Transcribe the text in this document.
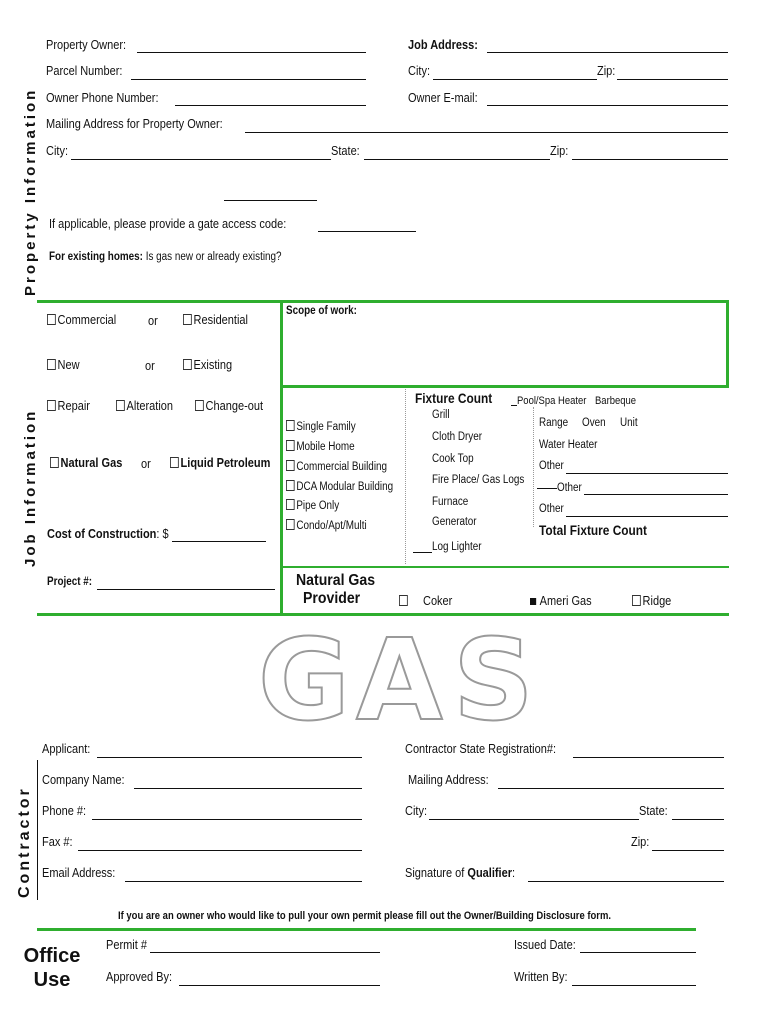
Property Information
Property Owner:	Job Address:
Parcel Number:	City:	Zip:
Owner Phone Number:	Owner E-mail:
Mailing Address for Property Owner:
City:	State:	Zip:
If applicable, please provide a gate access code:
For existing homes: Is gas new or already existing?
Job Information
Commercial	or	Residential
New	or	Existing
Repair	Alteration	Change-out
Natural Gas or	Liquid Petroleum
Cost of Construction: $
Project #:
Scope of work:
Single Family
Mobile Home
Commercial Building
DCA Modular Building
Pipe Only
Condo/Apt/Multi
Fixture Count Pool/Spa Heater Barbeque
Grill
Cloth Dryer
Cook Top
Fire Place/ Gas Logs
Furnace
Generator
Log Lighter
Range Oven Unit
Water Heater
Other
Other
Other
Total Fixture Count
Natural Gas
Provider	Coker	Ameri Gas	Ridge
G A S
Contractor
Applicant:	Contractor State Registration#:
Company Name:	Mailing Address:
Phone #:	City:	State:
Fax #:	Zip:
Email Address:	Signature of Qualifier:
If you are an owner who would like to pull your own permit please fill out the Owner/Building Disclosure form.
Office
Use
Permit #	Issued Date:
Approved By:	Written By:
